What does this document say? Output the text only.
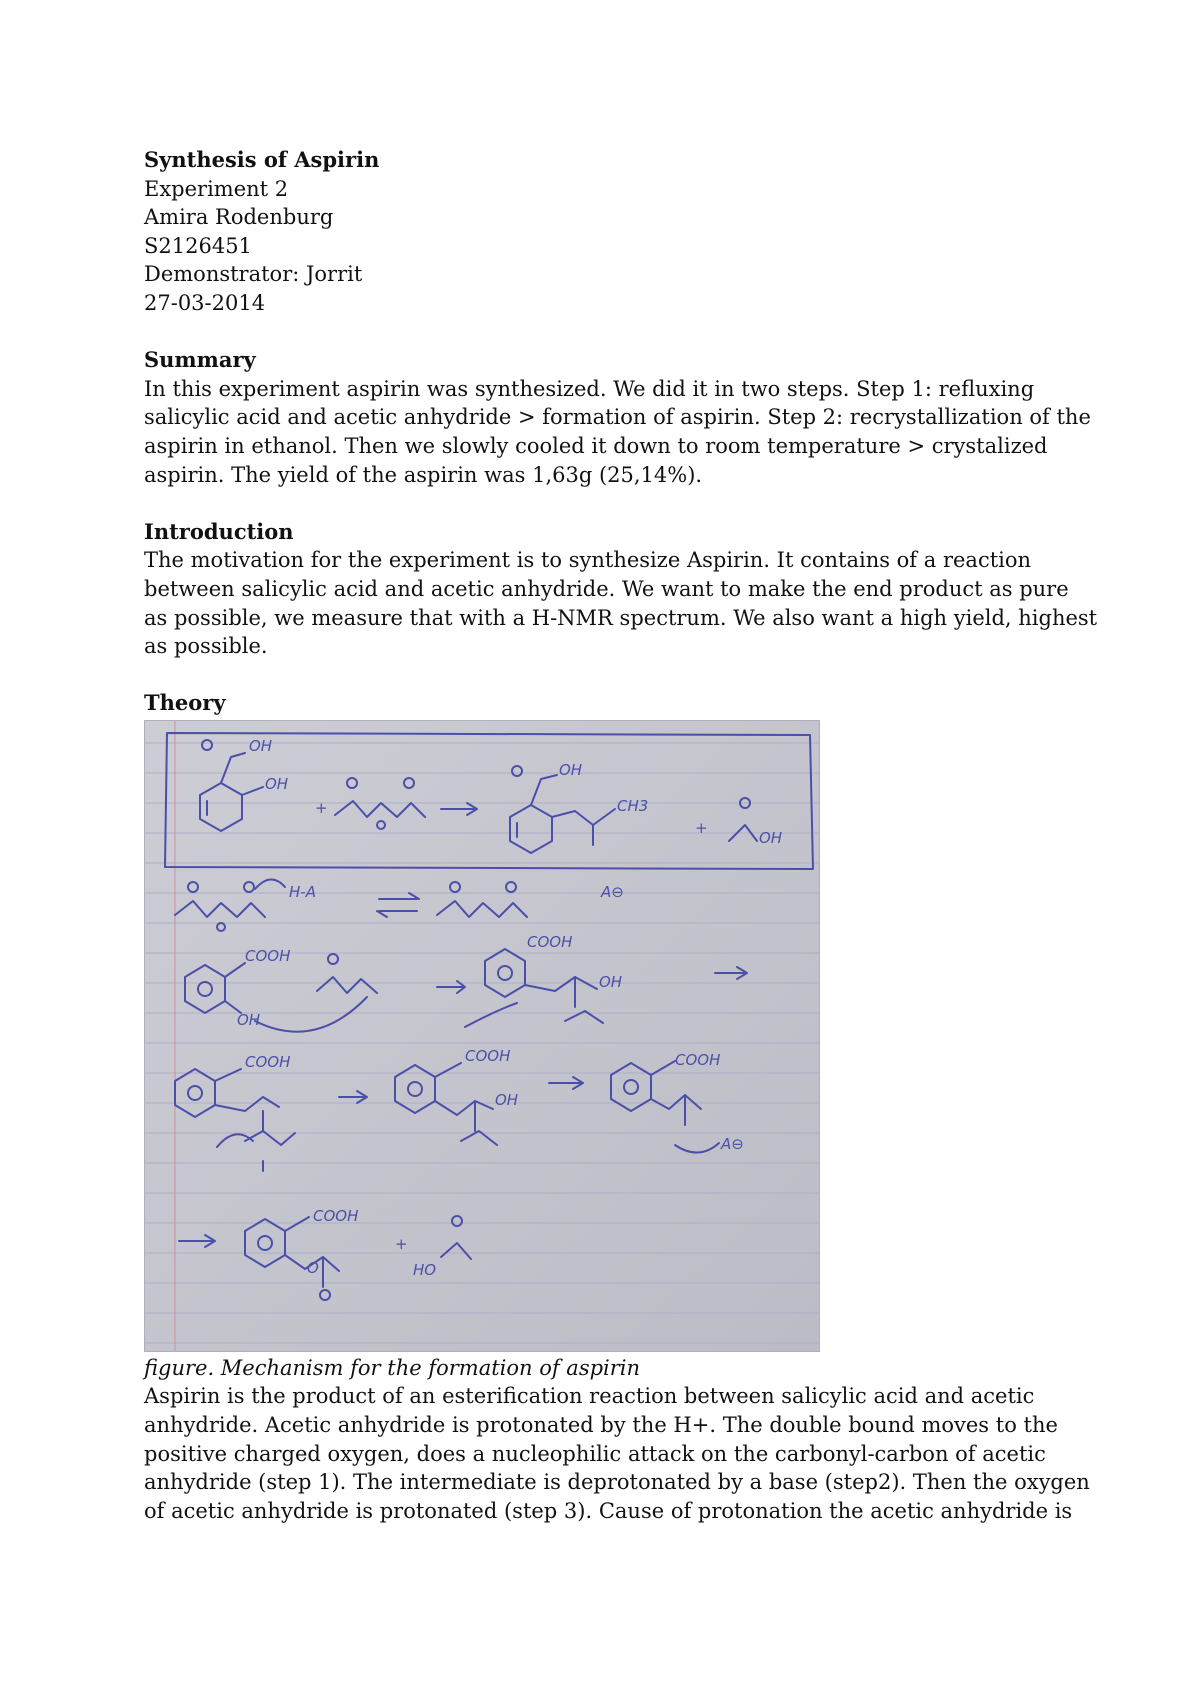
Synthesis of Aspirin
Experiment 2
Amira Rodenburg
S2126451
Demonstrator: Jorrit
27-03-2014
Summary
In this experiment aspirin was synthesized. We did it in two steps. Step 1: refluxing
salicylic acid and acetic anhydride > formation of aspirin. Step 2: recrystallization of the
aspirin in ethanol. Then we slowly cooled it down to room temperature > crystalized
aspirin. The yield of the aspirin was 1,63g (25,14%).
Introduction
The motivation for the experiment is to synthesize Aspirin. It contains of a reaction
between salicylic acid and acetic anhydride. We want to make the end product as pure
as possible, we measure that with a H-NMR spectrum. We also want a high yield, highest
as possible.
Theory
OH
OH
+
OH
CH3
+
OH
H-A	A⊖
COOH
OH
COOH
OH
COOH	COOH
OH
COOH
A⊖
COOH
O
+
HO
figure. Mechanism for the formation of aspirin
Aspirin is the product of an esterification reaction between salicylic acid and acetic
anhydride. Acetic anhydride is protonated by the H+. The double bound moves to the
positive charged oxygen, does a nucleophilic attack on the carbonyl-carbon of acetic
anhydride (step 1). The intermediate is deprotonated by a base (step2). Then the oxygen
of acetic anhydride is protonated (step 3). Cause of protonation the acetic anhydride is
